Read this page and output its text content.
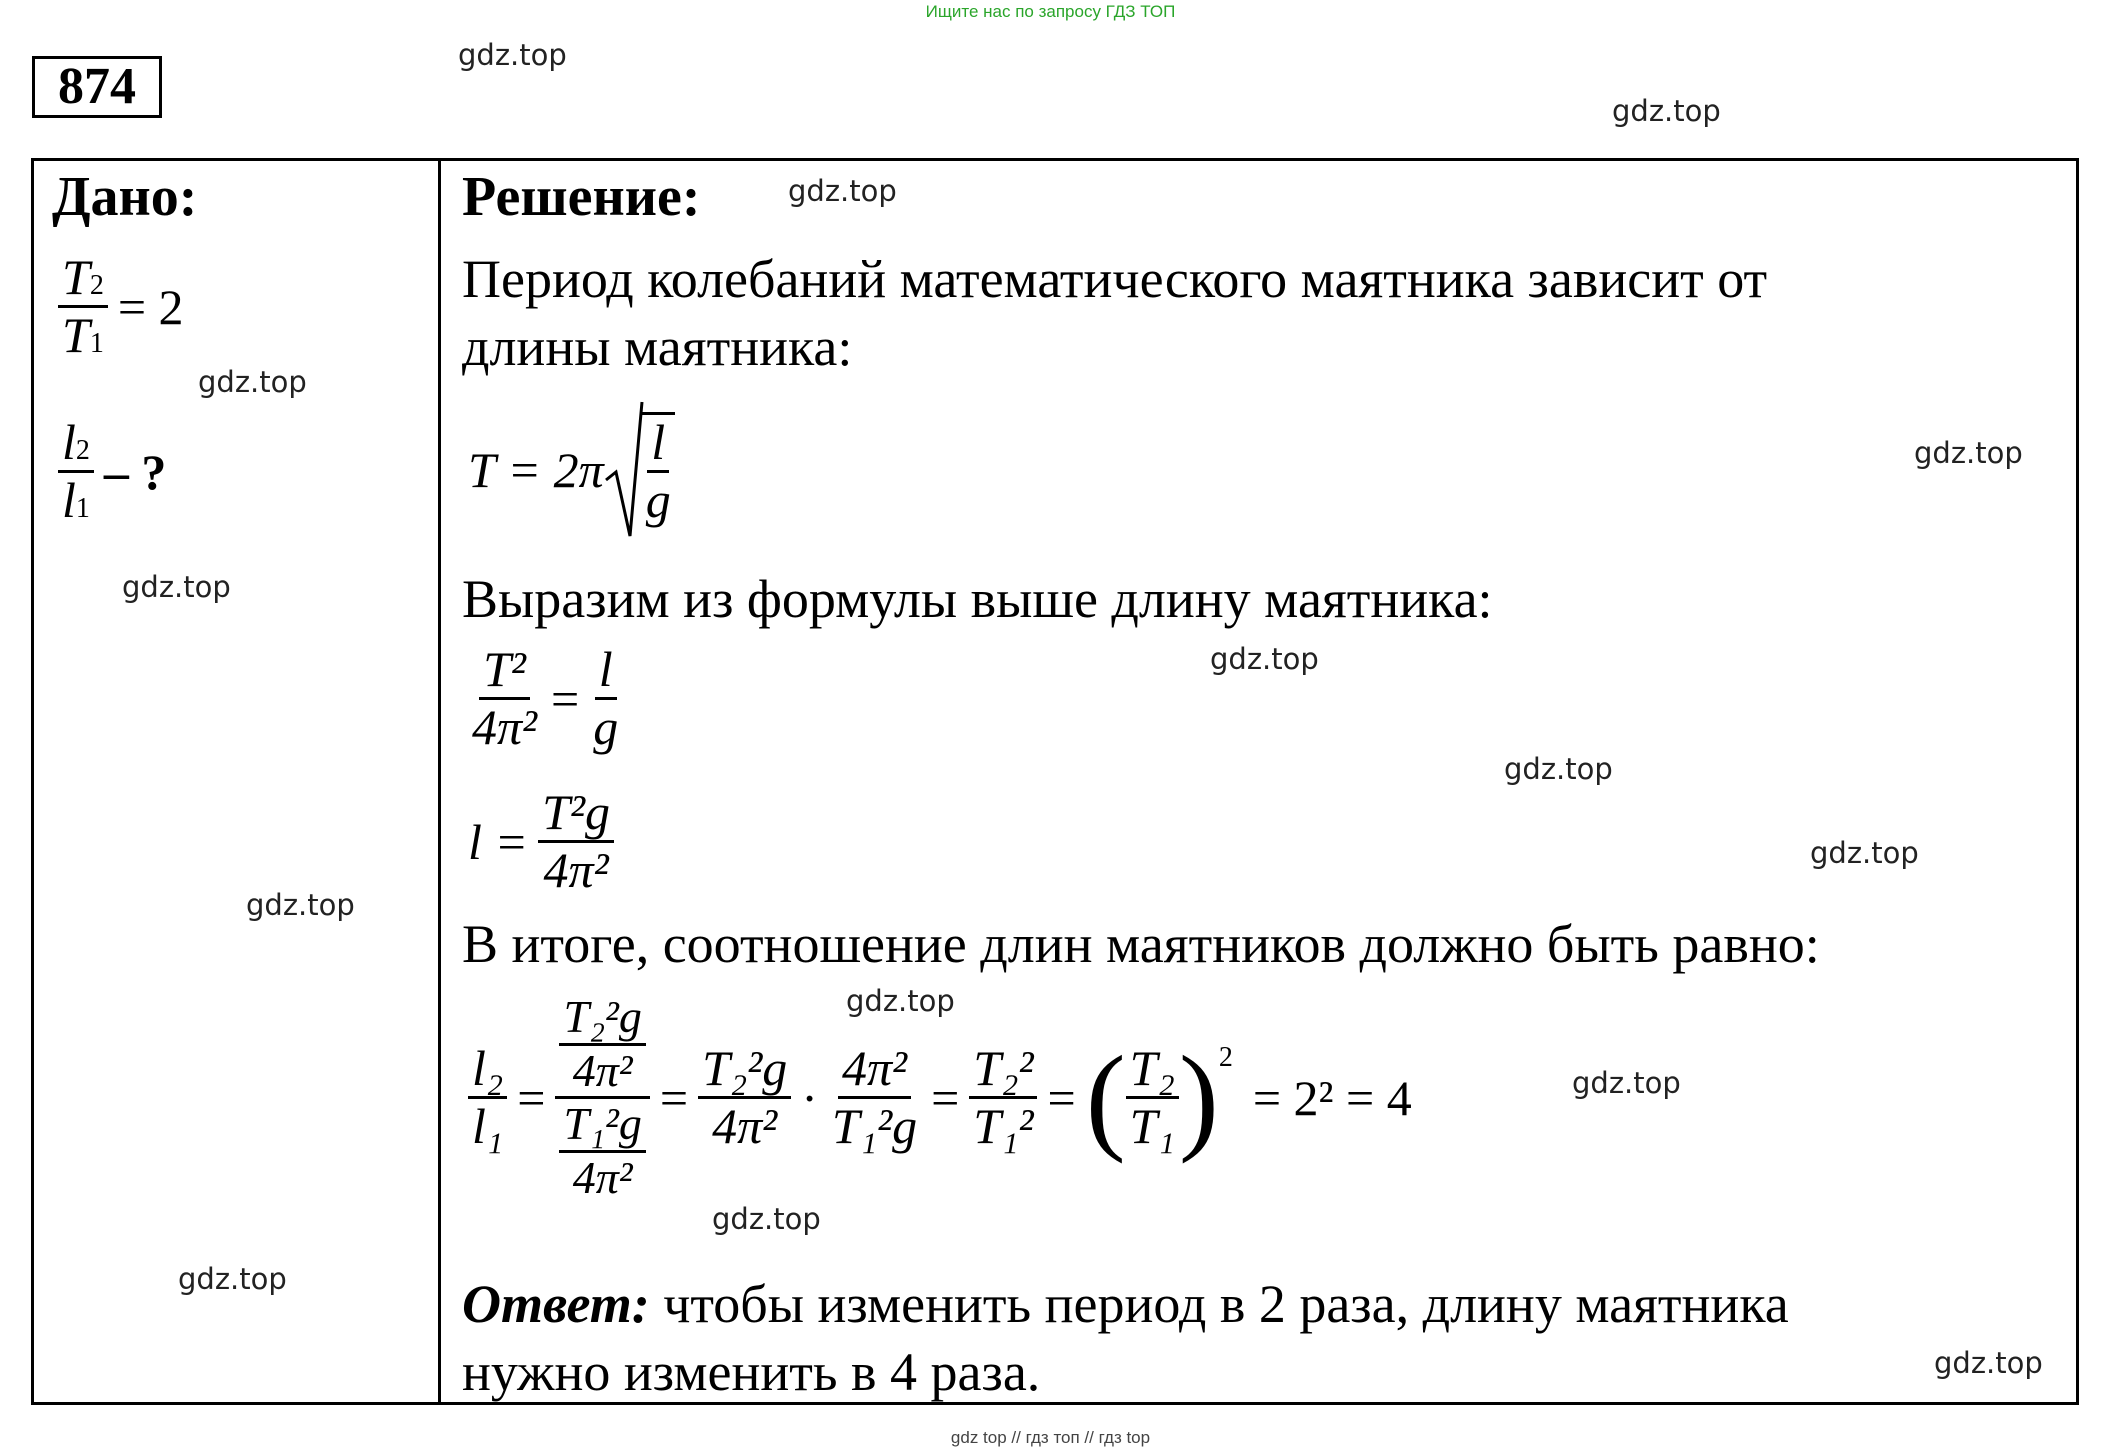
Ищите нас по запросу ГДЗ ТОП
874
Дано:
$\frac{T2}{T1} = 2$
$\frac{l2}{l1}$ – ?
Решение:
Период колебаний математического маятника зависит от
длины маятника:
$T = 2\pi \frac{l}{g}$
Выразим из формулы выше длину маятника:
$\frac{\text{T²}}{\text{4π²}} = \frac{l}{g}$
$l = \frac{\text{T²g}}{\text{4π²}}$
В итоге, соотношение длин маятников должно быть равно:
$\frac{\text{l₂}}{\text{l₁}} = \frac{\frac{\text{T₂²g}}{\text{4π²}}}{\frac{\text{T₁²g}}{\text{4π²}}} = \frac{\text{T₂²g}}{\text{4π²}} \cdot \frac{\text{4π²}}{\text{T₁²g}} = \frac{\text{T₂²}}{\text{T₁²}}$ = ( $\frac{\text{T₂}}{\text{T₁}}$ ) 2
= 2² = 4
Ответ: чтобы изменить период в 2 раза, длину маятника
нужно изменить в 4 раза.
gdz.top
gdz.top
gdz.top
gdz.top
gdz.top
gdz.top
gdz.top
gdz.top
gdz.top
gdz.top
gdz.top
gdz.top
gdz.top
gdz.top
gdz.top
gdz top // гдз топ // гдз top
